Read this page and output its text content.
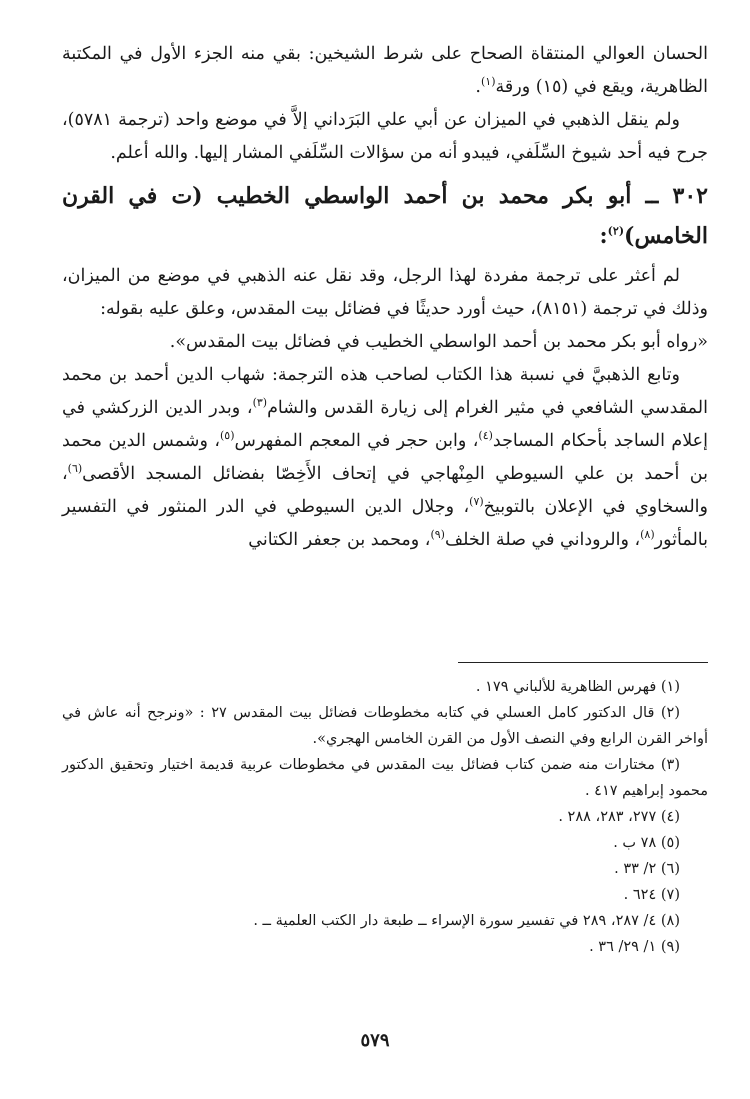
الحسان العوالي المنتقاة الصحاح على شرط الشيخين: بقي منه الجزء الأول في المكتبة الظاهرية، ويقع في (١٥) ورقة$^{(١)}$.

ولم ينقل الذهبي في الميزان عن أبي علي البَرَداني إلاَّ في موضع واحد (ترجمة ٥٧٨١)، جرح فيه أحد شيوخ السِّلَفي، فيبدو أنه من سؤالات السِّلَفي المشار إليها. والله أعلم.

٣٠٢ ــ أبو بكر محمد بن أحمد الواسطي الخطيب (ت في القرن الخامس)$^{(٢)}$:

لم أعثر على ترجمة مفردة لهذا الرجل، وقد نقل عنه الذهبي في موضع من الميزان، وذلك في ترجمة (٨١٥١)، حيث أورد حديثًا في فضائل بيت المقدس، وعلق عليه بقوله:
«رواه أبو بكر محمد بن أحمد الواسطي الخطيب في فضائل بيت المقدس».

وتابع الذهبيَّ في نسبة هذا الكتاب لصاحب هذه الترجمة: شهاب الدين أحمد بن محمد المقدسي الشافعي في مثير الغرام إلى زيارة القدس والشام$^{(٣)}$، وبدر الدين الزركشي في إعلام الساجد بأحكام المساجد$^{(٤)}$، وابن حجر في المعجم المفهرس$^{(٥)}$، وشمس الدين محمد بن أحمد بن علي السيوطي المِنْهاجي في إتحاف الأَخِصّا بفضائل المسجد الأقصى$^{(٦)}$، والسخاوي في الإعلان بالتوبيخ$^{(٧)}$، وجلال الدين السيوطي في الدر المنثور في التفسير بالمأثور$^{(٨)}$، والروداني في صلة الخلف$^{(٩)}$، ومحمد بن جعفر الكتاني

(١) فهرس الظاهرية للألباني ١٧٩ .

(٢) قال الدكتور كامل العسلي في كتابه مخطوطات فضائل بيت المقدس ٢٧ : «ونرجح أنه عاش في أواخر القرن الرابع وفي النصف الأول من القرن الخامس الهجري».

(٣) مختارات منه ضمن كتاب فضائل بيت المقدس في مخطوطات عربية قديمة اختيار وتحقيق الدكتور محمود إبراهيم ٤١٧ .

(٤) ٢٧٧، ٢٨٣، ٢٨٨ .

(٥) ٧٨ ب .

(٦) ٢/ ٣٣ .

(٧) ٦٢٤ .

(٨) ٤/ ٢٨٧، ٢٨٩ في تفسير سورة الإسراء ــ طبعة دار الكتب العلمية ــ .

(٩) ١/ ٢٩/ ٣٦ .

٥٧٩
